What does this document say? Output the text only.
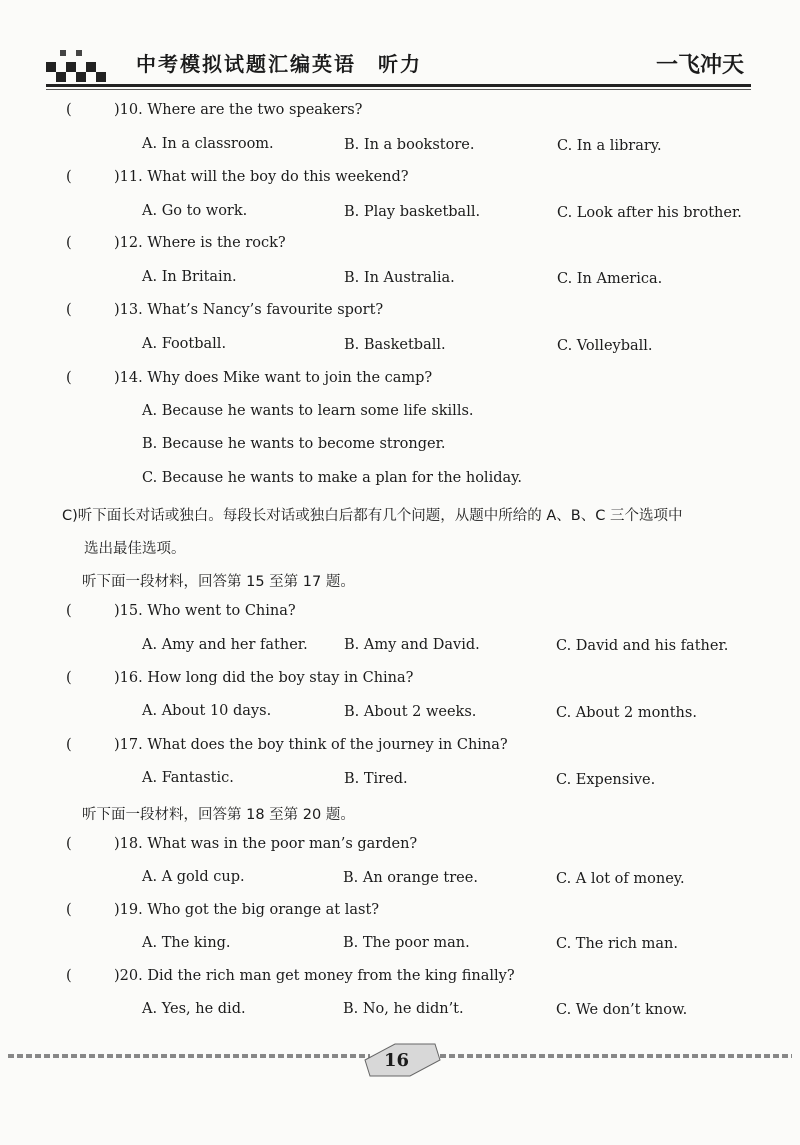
中考模拟试题汇编英语　听力	一飞冲天
(	)10. Where are the two speakers?
A. In a classroom.	B. In a bookstore.	C. In a library.
(	)11. What will the boy do this weekend?
A. Go to work.	B. Play basketball.	C. Look after his brother.
(	)12. Where is the rock?
A. In Britain.	B. In Australia.	C. In America.
(	)13. What’s Nancy’s favourite sport?
A. Football.	B. Basketball.	C. Volleyball.
(	)14. Why does Mike want to join the camp?
A. Because he wants to learn some life skills.
B. Because he wants to become stronger.
C. Because he wants to make a plan for the holiday.
C)听下面长对话或独白。每段长对话或独白后都有几个问题，从题中所给的 A、B、C 三个选项中
选出最佳选项。
听下面一段材料，回答第 15 至第 17 题。
(	)15. Who went to China?
A. Amy and her father. B. Amy and David.	C. David and his father.
(	)16. How long did the boy stay in China?
A. About 10 days.	B. About 2 weeks.	C. About 2 months.
(	)17. What does the boy think of the journey in China?
A. Fantastic.	B. Tired.	C. Expensive.
听下面一段材料，回答第 18 至第 20 题。
(	)18. What was in the poor man’s garden?
A. A gold cup.	B. An orange tree.	C. A lot of money.
(	)19. Who got the big orange at last?
A. The king.	B. The poor man.	C. The rich man.
(	)20. Did the rich man get money from the king finally?
A. Yes, he did.	B. No, he didn’t.	C. We don’t know.
16
